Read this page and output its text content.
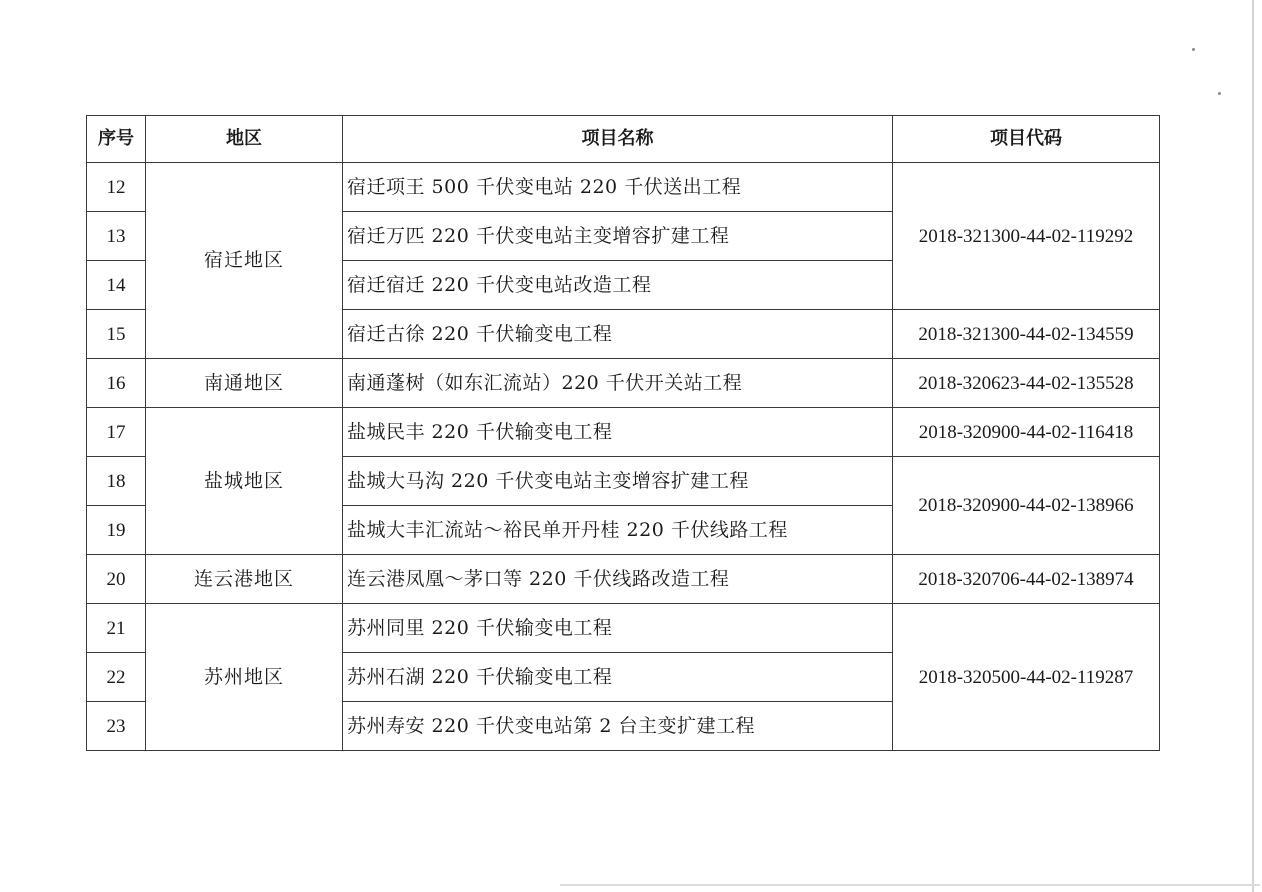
序号	地区	项目名称	项目代码
12	宿迁地区	宿迁项王 500 千伏变电站 220 千伏送出工程	2018-321300-44-02-119292
13		宿迁万匹 220 千伏变电站主变增容扩建工程	
14		宿迁宿迁 220 千伏变电站改造工程	
15		宿迁古徐 220 千伏输变电工程	2018-321300-44-02-134559
16	南通地区	南通蓬树（如东汇流站）220 千伏开关站工程	2018-320623-44-02-135528
17	盐城地区	盐城民丰 220 千伏输变电工程	2018-320900-44-02-116418
18		盐城大马沟 220 千伏变电站主变增容扩建工程	2018-320900-44-02-138966
19		盐城大丰汇流站～裕民单开丹桂 220 千伏线路工程	
20	连云港地区	连云港凤凰～茅口等 220 千伏线路改造工程	2018-320706-44-02-138974
21	苏州地区	苏州同里 220 千伏输变电工程	2018-320500-44-02-119287
22		苏州石湖 220 千伏输变电工程	
23		苏州寿安 220 千伏变电站第 2 台主变扩建工程	
